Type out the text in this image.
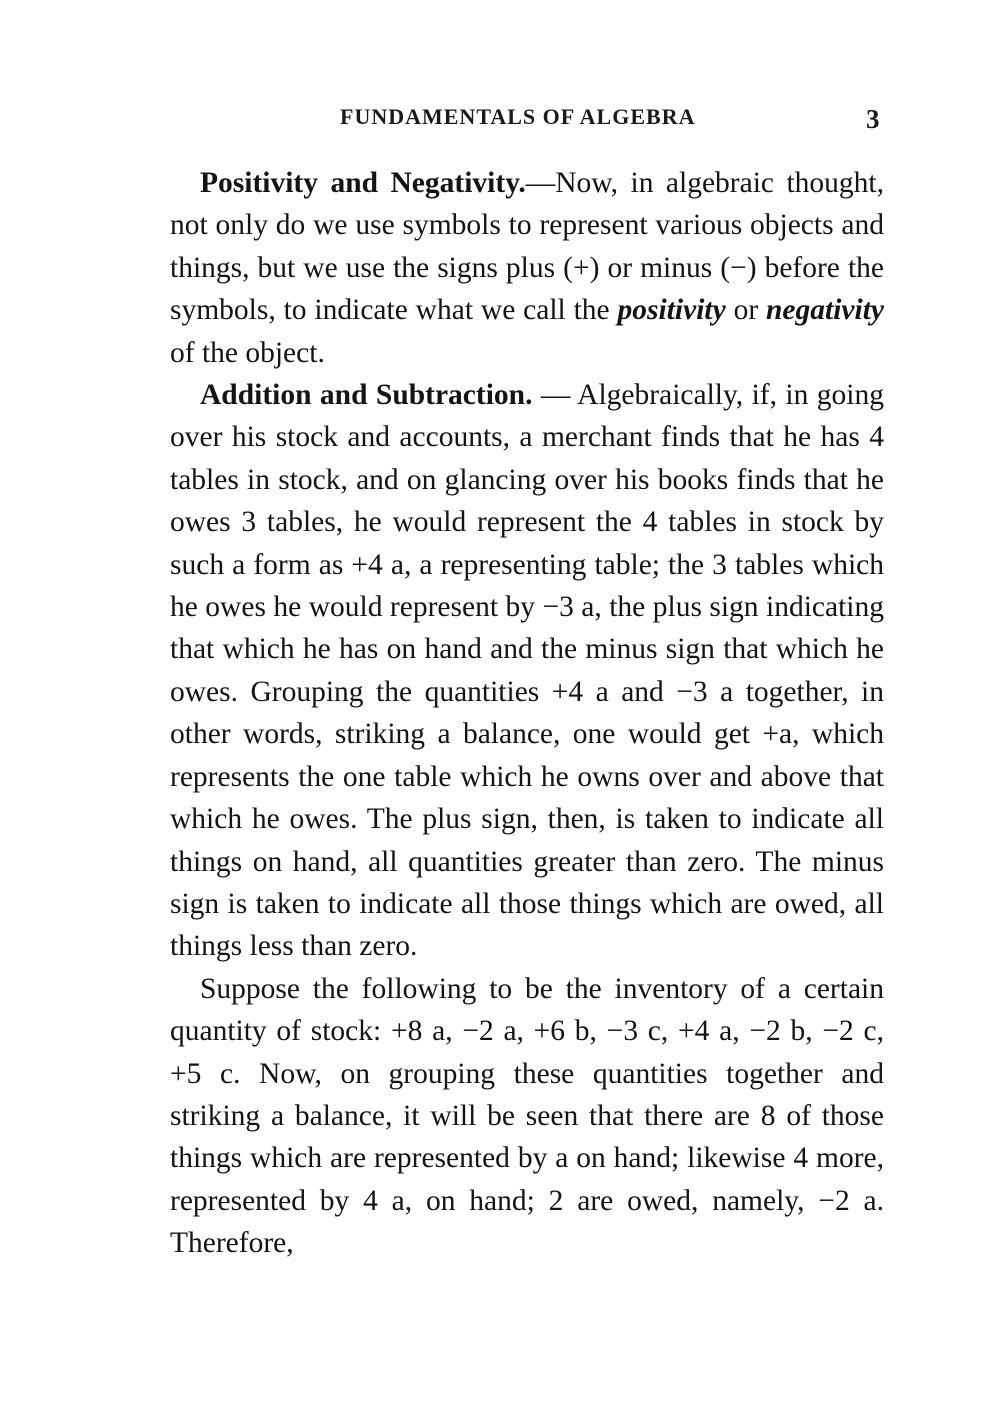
FUNDAMENTALS OF ALGEBRA	3

Positivity and Negativity.—Now, in algebraic thought, not only do we use symbols to represent various objects and things, but we use the signs plus (+) or minus (−) before the symbols, to indicate what we call the positivity or negativity of the object.

Addition and Subtraction. — Algebraically, if, in going over his stock and accounts, a merchant finds that he has 4 tables in stock, and on glancing over his books finds that he owes 3 tables, he would represent the 4 tables in stock by such a form as +4 a, a representing table; the 3 tables which he owes he would represent by −3 a, the plus sign indicating that which he has on hand and the minus sign that which he owes. Grouping the quantities +4 a and −3 a together, in other words, striking a balance, one would get +a, which represents the one table which he owns over and above that which he owes. The plus sign, then, is taken to indicate all things on hand, all quantities greater than zero. The minus sign is taken to indicate all those things which are owed, all things less than zero.

Suppose the following to be the inventory of a certain quantity of stock: +8 a, −2 a, +6 b, −3 c, +4 a, −2 b, −2 c, +5 c. Now, on grouping these quantities together and striking a balance, it will be seen that there are 8 of those things which are represented by a on hand; likewise 4 more, represented by 4 a, on hand; 2 are owed, namely, −2 a. Therefore,
